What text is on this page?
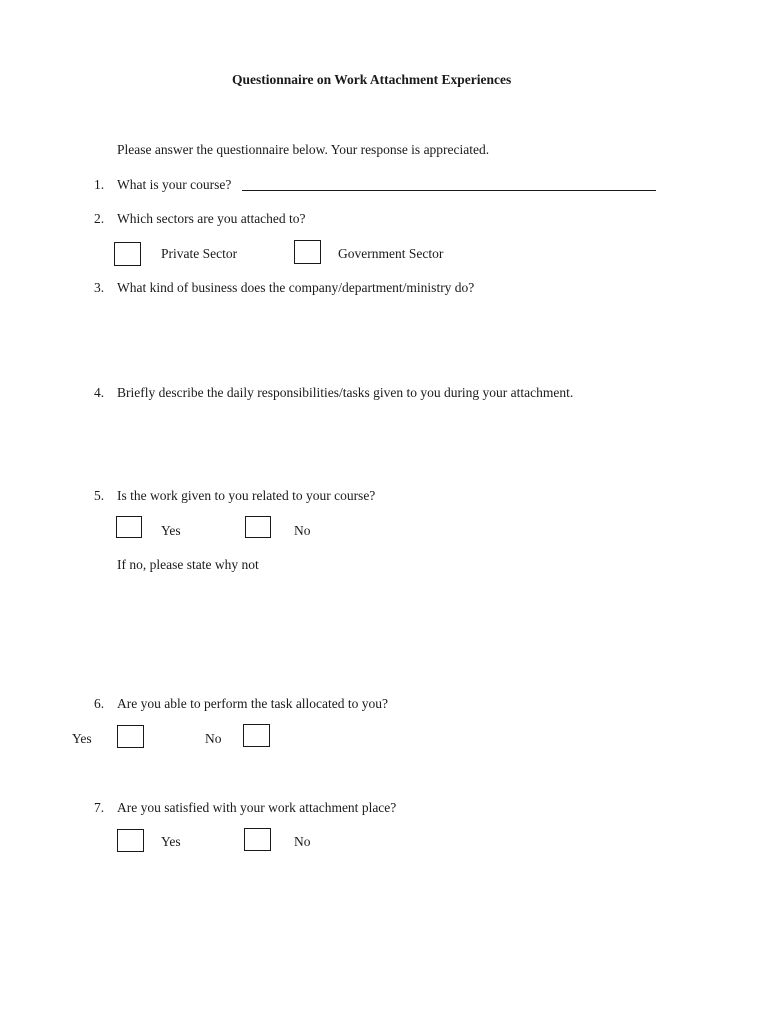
Questionnaire on Work Attachment Experiences
Please answer the questionnaire below. Your response is appreciated.
1. What is your course?
2. Which sectors are you attached to?
Private Sector	Government Sector
3. What kind of business does the company/department/ministry do?
4. Briefly describe the daily responsibilities/tasks given to you during your attachment.
5. Is the work given to you related to your course?
Yes	No
If no, please state why not
6. Are you able to perform the task allocated to you?
Yes	No
7. Are you satisfied with your work attachment place?
Yes	No
